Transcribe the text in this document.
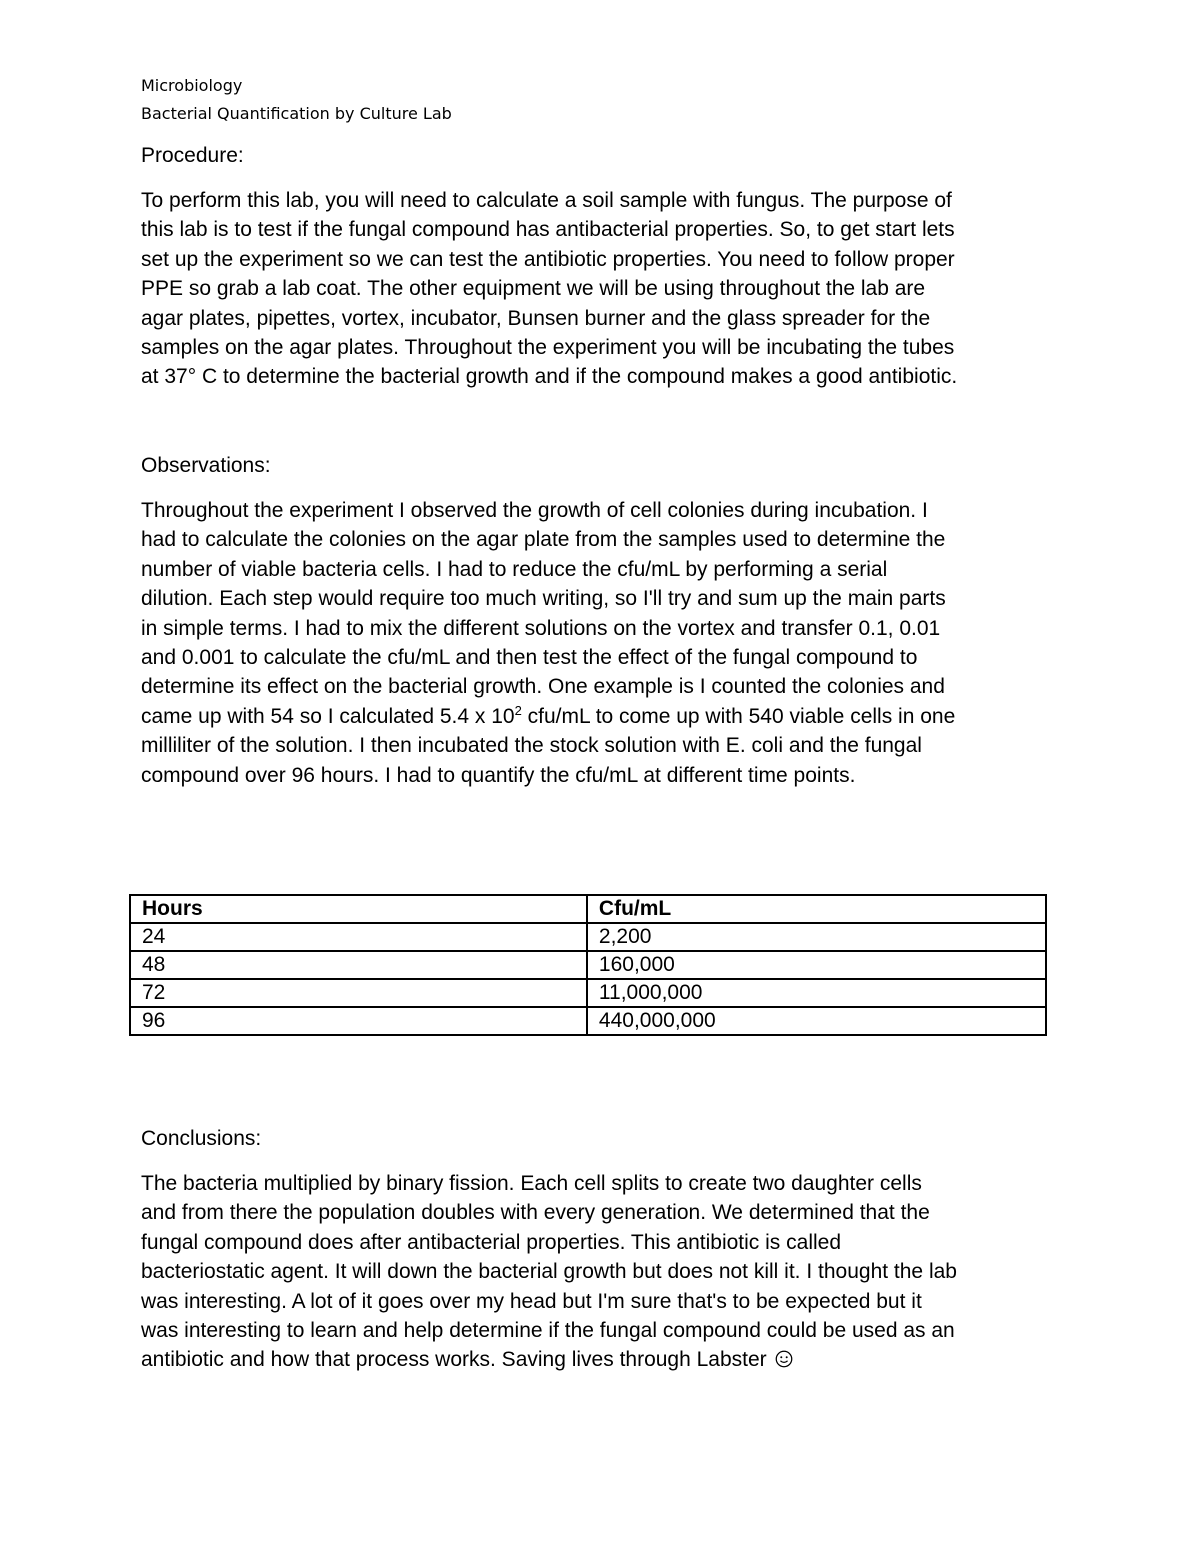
Microbiology
Bacterial Quantification by Culture Lab
Procedure:
To perform this lab, you will need to calculate a soil sample with fungus. The purpose of
this lab is to test if the fungal compound has antibacterial properties. So, to get start lets
set up the experiment so we can test the antibiotic properties. You need to follow proper
PPE so grab a lab coat. The other equipment we will be using throughout the lab are
agar plates, pipettes, vortex, incubator, Bunsen burner and the glass spreader for the
samples on the agar plates. Throughout the experiment you will be incubating the tubes
at 37° C to determine the bacterial growth and if the compound makes a good antibiotic.
Observations:
Throughout the experiment I observed the growth of cell colonies during incubation. I
had to calculate the colonies on the agar plate from the samples used to determine the
number of viable bacteria cells. I had to reduce the cfu/mL by performing a serial
dilution. Each step would require too much writing, so I'll try and sum up the main parts
in simple terms. I had to mix the different solutions on the vortex and transfer 0.1, 0.01
and 0.001 to calculate the cfu/mL and then test the effect of the fungal compound to
determine its effect on the bacterial growth. One example is I counted the colonies and
came up with 54 so I calculated 5.4 x $10^2$ cfu/mL to come up with 540 viable cells in one
milliliter of the solution. I then incubated the stock solution with E. coli and the fungal
compound over 96 hours. I had to quantify the cfu/mL at different time points.
Hours	Cfu/mL
24	2,200
48	160,000
72	11,000,000
96	440,000,000
Conclusions:
The bacteria multiplied by binary fission. Each cell splits to create two daughter cells
and from there the population doubles with every generation. We determined that the
fungal compound does after antibacterial properties. This antibiotic is called
bacteriostatic agent. It will down the bacterial growth but does not kill it. I thought the lab
was interesting. A lot of it goes over my head but I'm sure that's to be expected but it
was interesting to learn and help determine if the fungal compound could be used as an
antibiotic and how that process works. Saving lives through Labster
